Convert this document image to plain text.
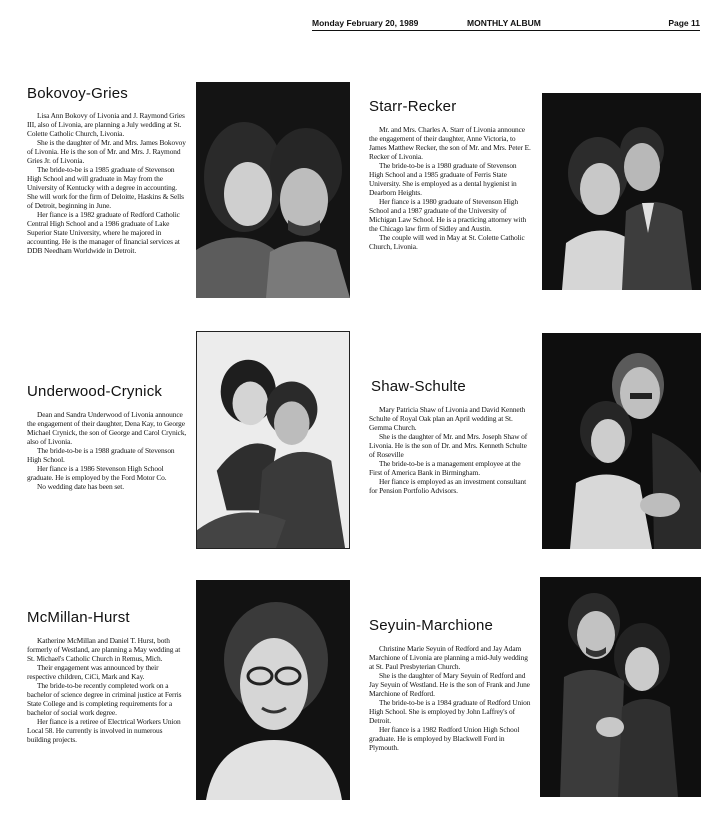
Monday February 20, 1989	MONTHLY ALBUM	Page 11
Bokovoy-Gries

Lisa Ann Bokovy of Livonia and J. Raymond Gries III, also of Livonia, are planning a July wedding at St. Colette Catholic Church, Livonia.

She is the daughter of Mr. and Mrs. James Bokovoy of Livonia. He is the son of Mr. and Mrs. J. Raymond Gries Jr. of Livonia.

The bride-to-be is a 1985 graduate of Stevenson High School and will graduate in May from the University of Kentucky with a degree in accounting. She will work for the firm of Deloitte, Haskins & Sells of Detroit, beginning in June.

Her fiance is a 1982 graduate of Redford Catholic Central High School and a 1986 graduate of Lake Superior State University, where he majored in accounting. He is the manager of financial services at DDB Needham Worldwide in Detroit.

Starr-Recker

Mr. and Mrs. Charles A. Starr of Livonia announce the engagement of their daughter, Anne Victoria, to James Matthew Recker, the son of Mr. and Mrs. Peter E. Recker of Livonia.

The bride-to-be is a 1980 graduate of Stevenson High School and a 1985 graduate of Ferris State University. She is employed as a dental hygienist in Dearborn Heights.

Her fiance is a 1980 graduate of Stevenson High School and a 1987 graduate of the University of Michigan Law School. He is a practicing attorney with the Chicago law firm of Sidley and Austin.

The couple will wed in May at St. Colette Catholic Church, Livonia.

Underwood-Crynick

Dean and Sandra Underwood of Livonia announce the engagement of their daughter, Dena Kay, to George Michael Crynick, the son of George and Carol Crynick, also of Livonia.

The bride-to-be is a 1988 graduate of Stevenson High School.

Her fiance is a 1986 Stevenson High School graduate. He is employed by the Ford Motor Co.

No wedding date has been set.

Shaw-Schulte

Mary Patricia Shaw of Livonia and David Kenneth Schulte of Royal Oak plan an April wedding at St. Gemma Church.

She is the daughter of Mr. and Mrs. Joseph Shaw of Livonia. He is the son of Dr. and Mrs. Kenneth Schulte of Roseville

The bride-to-be is a management employee at the First of America Bank in Birmingham.

Her fiance is employed as an investment consultant for Pension Portfolio Advisors.

McMillan-Hurst

Katherine McMillan and Daniel T. Hurst, both formerly of Westland, are planning a May wedding at St. Michael's Catholic Church in Remus, Mich.

Their engagement was announced by their respective children, CiCi, Mark and Kay.

The bride-to-be recently completed work on a bachelor of science degree in criminal justice at Ferris State College and is completing requirements for a bachelor of social work degree.

Her fiance is a retiree of Electrical Workers Union Local 58. He currently is involved in numerous building projects.

Seyuin-Marchione

Christine Marie Seyuin of Redford and Jay Adam Marchione of Livonia are planning a mid-July wedding at St. Paul Presbyterian Church.

She is the daughter of Mary Seyuin of Redford and Jay Seyuin of Westland. He is the son of Frank and June Marchione of Redford.

The bride-to-be is a 1984 graduate of Redford Union High School. She is employed by John Laffrey's of Detroit.

Her fiance is a 1982 Redford Union High School graduate. He is employed by Blackwell Ford in Plymouth.
